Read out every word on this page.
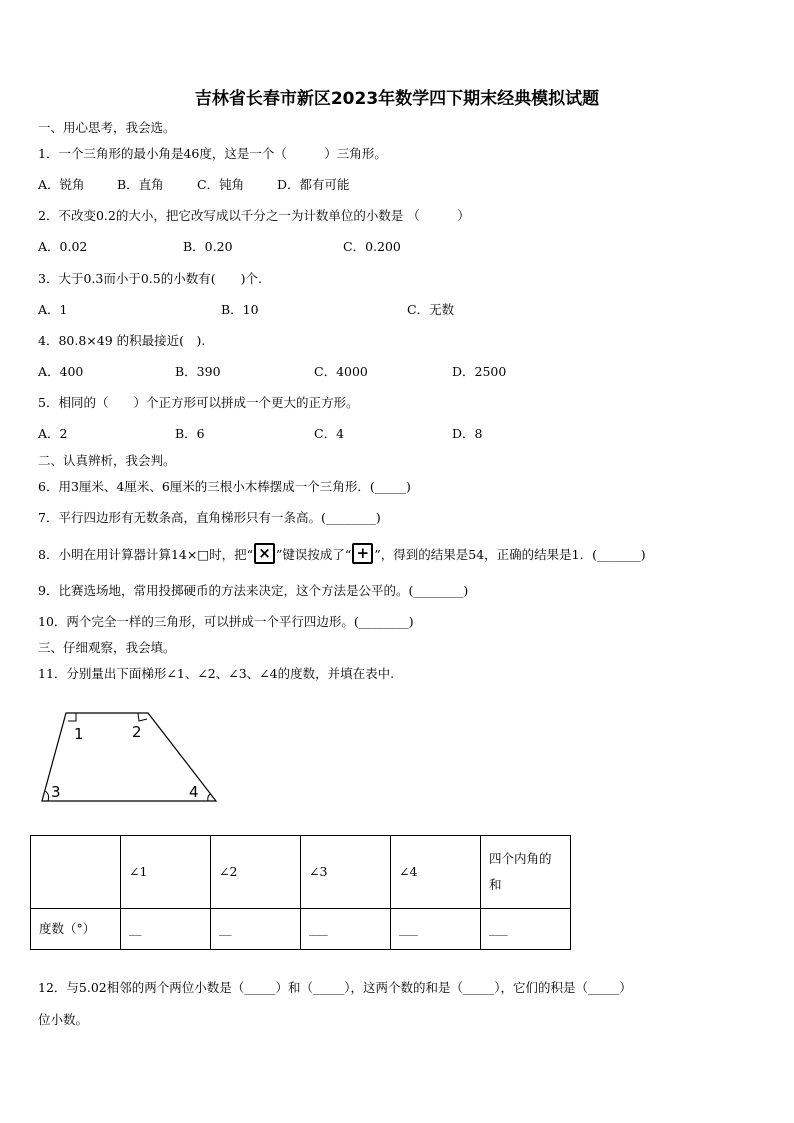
吉林省长春市新区2023年数学四下期末经典模拟试题
一、用心思考，我会选。
1．一个三角形的最小角是46度，这是一个（　　　）三角形。
A．锐角	B．直角	C．钝角	D．都有可能
2．不改变0.2的大小，把它改写成以千分之一为计数单位的小数是 （　　　）
A．0.02	B．0.20	C．0.200
3．大于0.3而小于0.5的小数有(　　)个.
A．1	B．10	C．无数
4．80.8×49 的积最接近(　).
A．400	B．390	C．4000	D．2500
5．相同的（　　）个正方形可以拼成一个更大的正方形。
A．2	B．6	C．4	D．8
二、认真辨析，我会判。
6．用3厘米、4厘米、6厘米的三根小木棒摆成一个三角形．(_____)
7．平行四边形有无数条高，直角梯形只有一条高。(________)
8．小明在用计算器计算14×□时，把“ × ”键误按成了“ + ”，得到的结果是54，正确的结果是1．(_______)
9．比赛选场地，常用投掷硬币的方法来决定，这个方法是公平的。(________)
10．两个完全一样的三角形，可以拼成一个平行四边形。(________)
三、仔细观察，我会填。
11．分别量出下面梯形∠1、∠2、∠3、∠4的度数，并填在表中.
1	2
3	4
	∠1	∠2	∠3	∠4	四个内角的和
度数（°）	__	__	___	___	___
12．与5.02相邻的两个两位小数是（_____）和（_____），这两个数的和是（_____），它们的积是（_____）
位小数。
